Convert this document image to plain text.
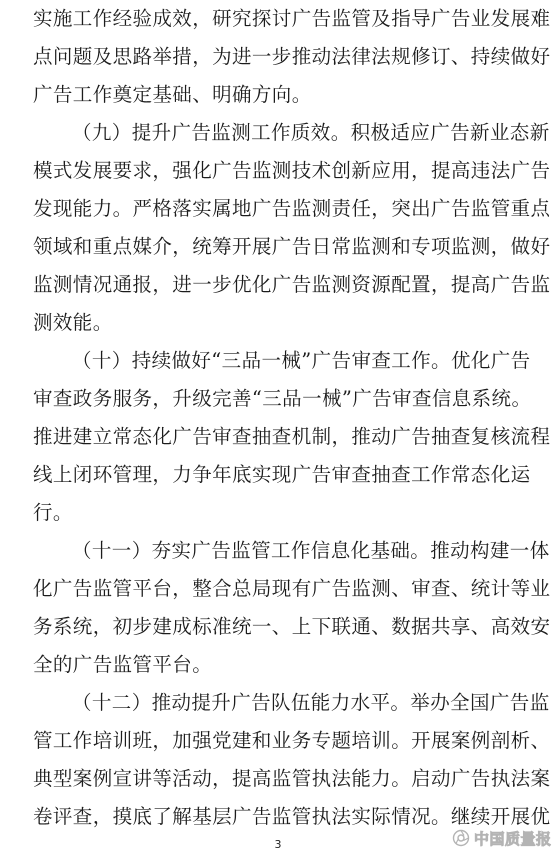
实施工作经验成效，研究探讨广告监管及指导广告业发展难
点问题及思路举措，为进一步推动法律法规修订、持续做好
广告工作奠定基础、明确方向。
（九）提升广告监测工作质效。积极适应广告新业态新
模式发展要求，强化广告监测技术创新应用，提高违法广告
发现能力。严格落实属地广告监测责任，突出广告监管重点
领域和重点媒介，统筹开展广告日常监测和专项监测，做好
监测情况通报，进一步优化广告监测资源配置，提高广告监
测效能。
（十）持续做好“三品一械”广告审查工作。优化广告
审查政务服务，升级完善“三品一械”广告审查信息系统。
推进建立常态化广告审查抽查机制，推动广告抽查复核流程
线上闭环管理，力争年底实现广告审查抽查工作常态化运
行。
（十一）夯实广告监管工作信息化基础。推动构建一体
化广告监管平台，整合总局现有广告监测、审查、统计等业
务系统，初步建成标准统一、上下联通、数据共享、高效安
全的广告监管平台。
（十二）推动提升广告队伍能力水平。举办全国广告监
管工作培训班，加强党建和业务专题培训。开展案例剖析、
典型案例宣讲等活动，提高监管执法能力。启动广告执法案
卷评查，摸底了解基层广告监管执法实际情况。继续开展优
3	中国质量报
